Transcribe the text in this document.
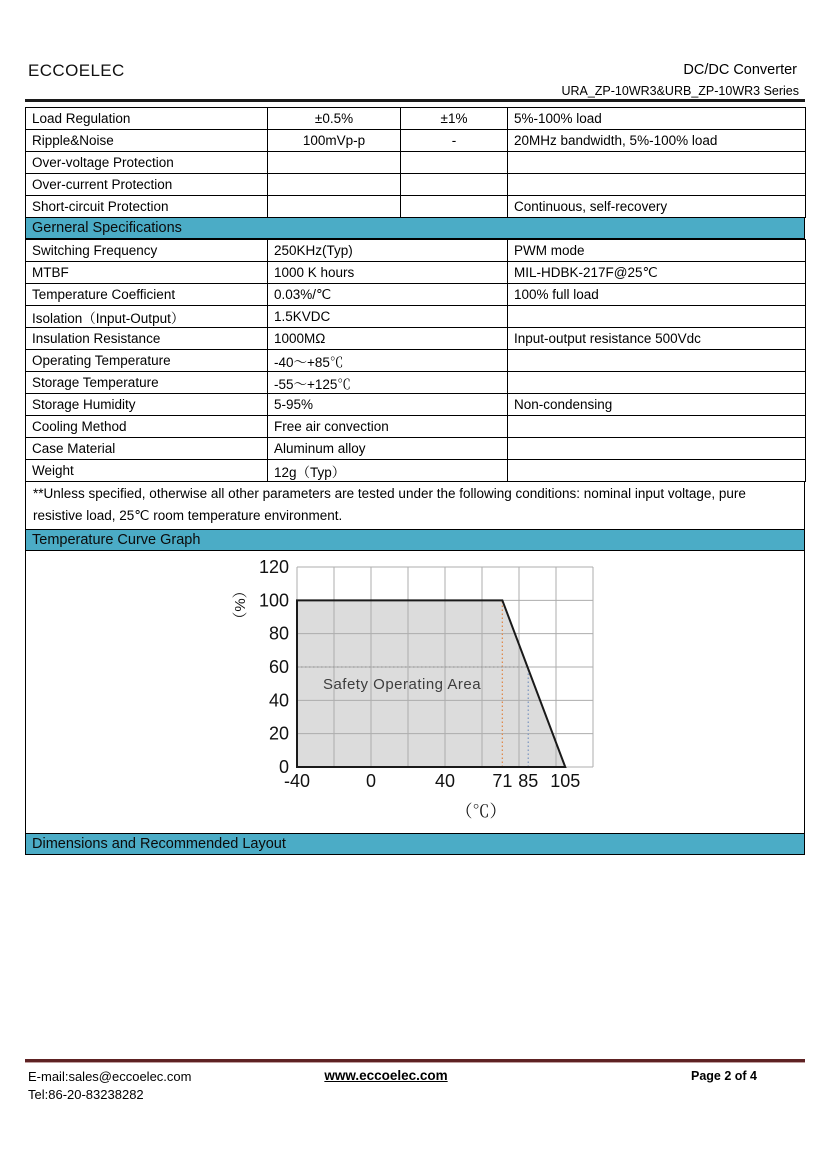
ECCOELEC	DC/DC Converter
URA_ZP-10WR3&URB_ZP-10WR3 Series
Load Regulation	±0.5%	±1%	5%-100% load
Ripple&Noise	100mVp-p	-	20MHz bandwidth, 5%-100% load
Over-voltage Protection			
Over-current Protection			
Short-circuit Protection			Continuous, self-recovery
Gerneral Specifications
Switching Frequency	250KHz(Typ)	PWM mode
MTBF	1000 K hours	MIL-HDBK-217F@25℃
Temperature Coefficient	0.03%/℃	100% full load
Isolation（Input-Output）	1.5KVDC	
Insulation Resistance	1000MΩ	Input-output resistance 500Vdc
Operating Temperature	-40～+85℃	
Storage Temperature	-55～+125℃	
Storage Humidity	5-95%	Non-condensing
Cooling Method	Free air convection	
Case Material	Aluminum alloy	
Weight	12g（Typ）	
**Unless specified, otherwise all other parameters are tested under the following conditions: nominal input voltage, pure resistive load, 25℃ room temperature environment.
Temperature Curve Graph
Safety Operating Area
0
20
40
60
80
100
120
-40	0	40 71 85 105
（%）
（℃）
Dimensions and Recommended Layout
E-mail:sales@eccoelec.com
Tel:86-20-83238282
www.eccoelec.com	Page 2 of 4
